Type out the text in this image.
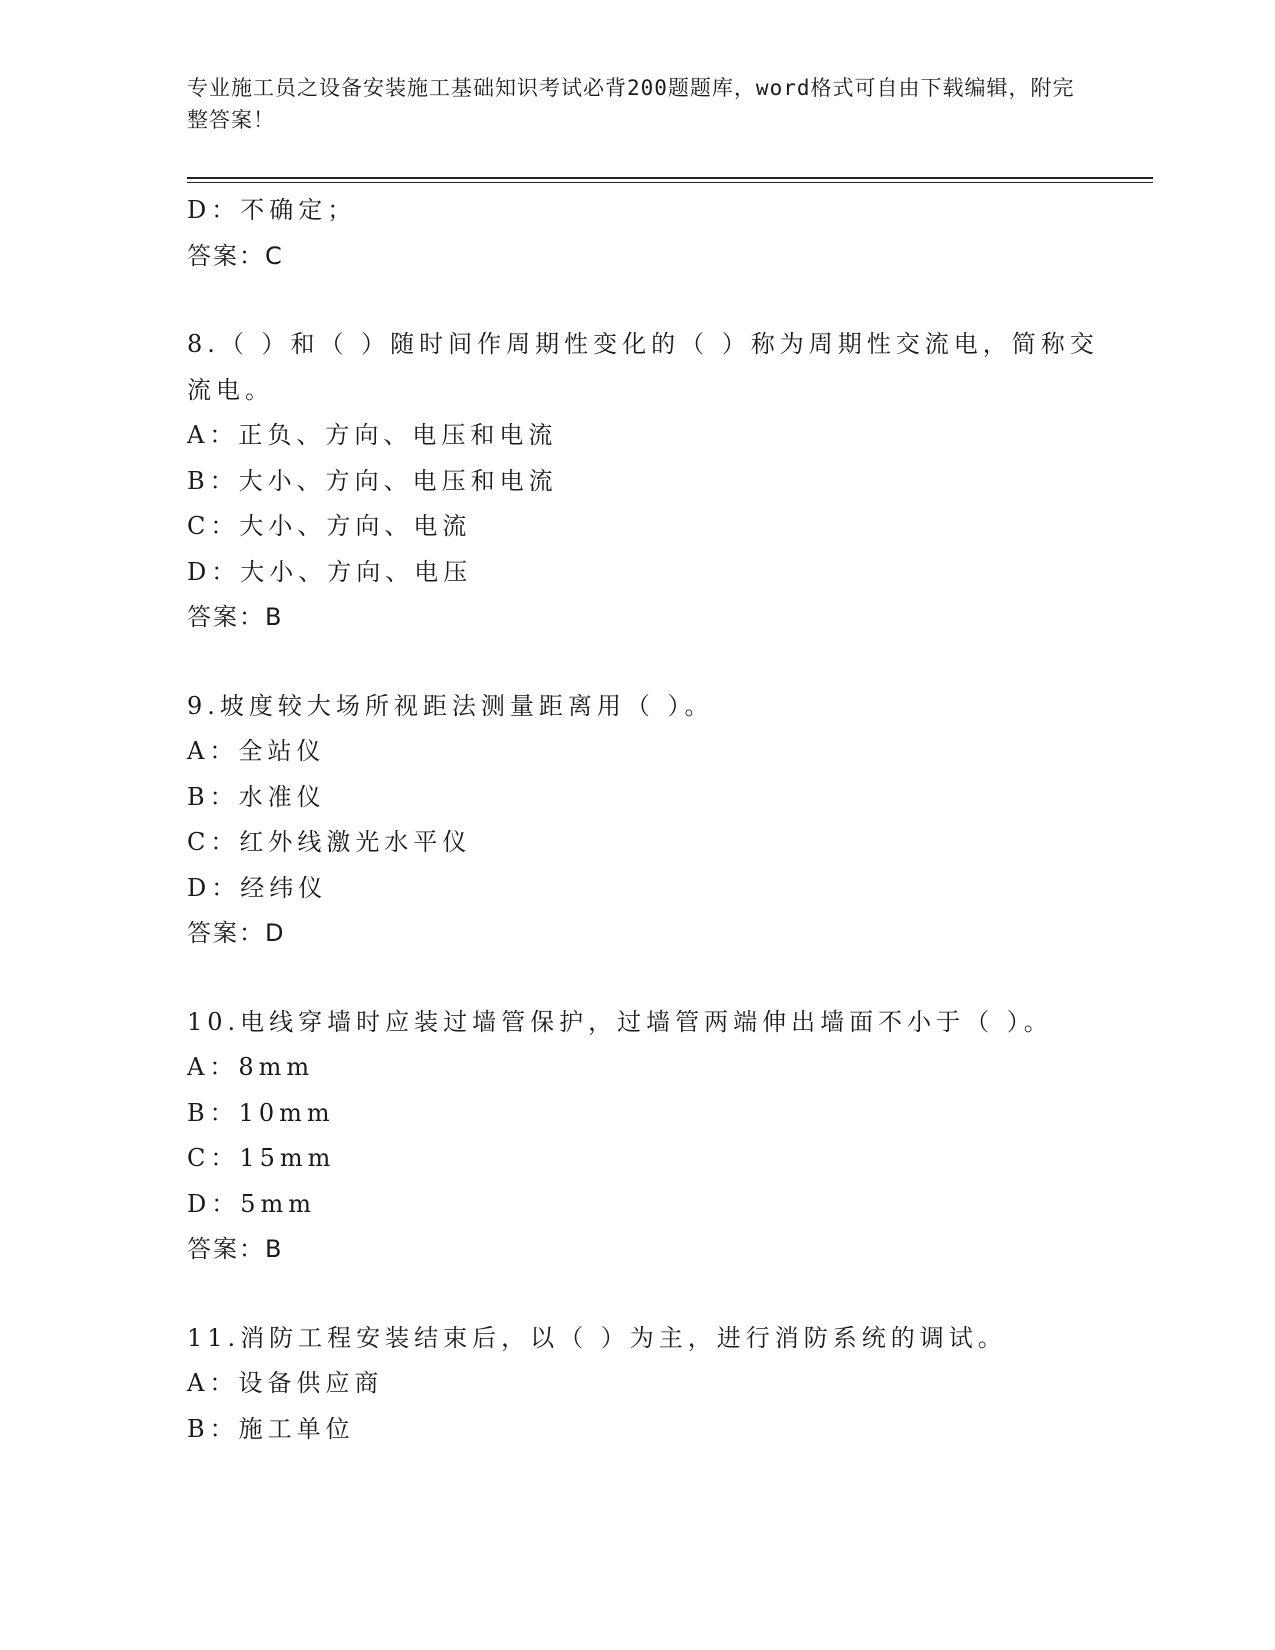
专业施工员之设备安装施工基础知识考试必背200题题库，word格式可自由下载编辑，附完整答案！
D：不确定；
答案：C
8.（ ）和（ ）随时间作周期性变化的（ ）称为周期性交流电，简称交流电。
A：正负、方向、电压和电流
B：大小、方向、电压和电流
C：大小、方向、电流
D：大小、方向、电压
答案：B
9.坡度较大场所视距法测量距离用（ ）。
A：全站仪
B：水准仪
C：红外线激光水平仪
D：经纬仪
答案：D
10.电线穿墙时应装过墙管保护，过墙管两端伸出墙面不小于（ ）。
A：8mm
B：10mm
C：15mm
D：5mm
答案：B
11.消防工程安装结束后，以（ ）为主，进行消防系统的调试。
A：设备供应商
B：施工单位
